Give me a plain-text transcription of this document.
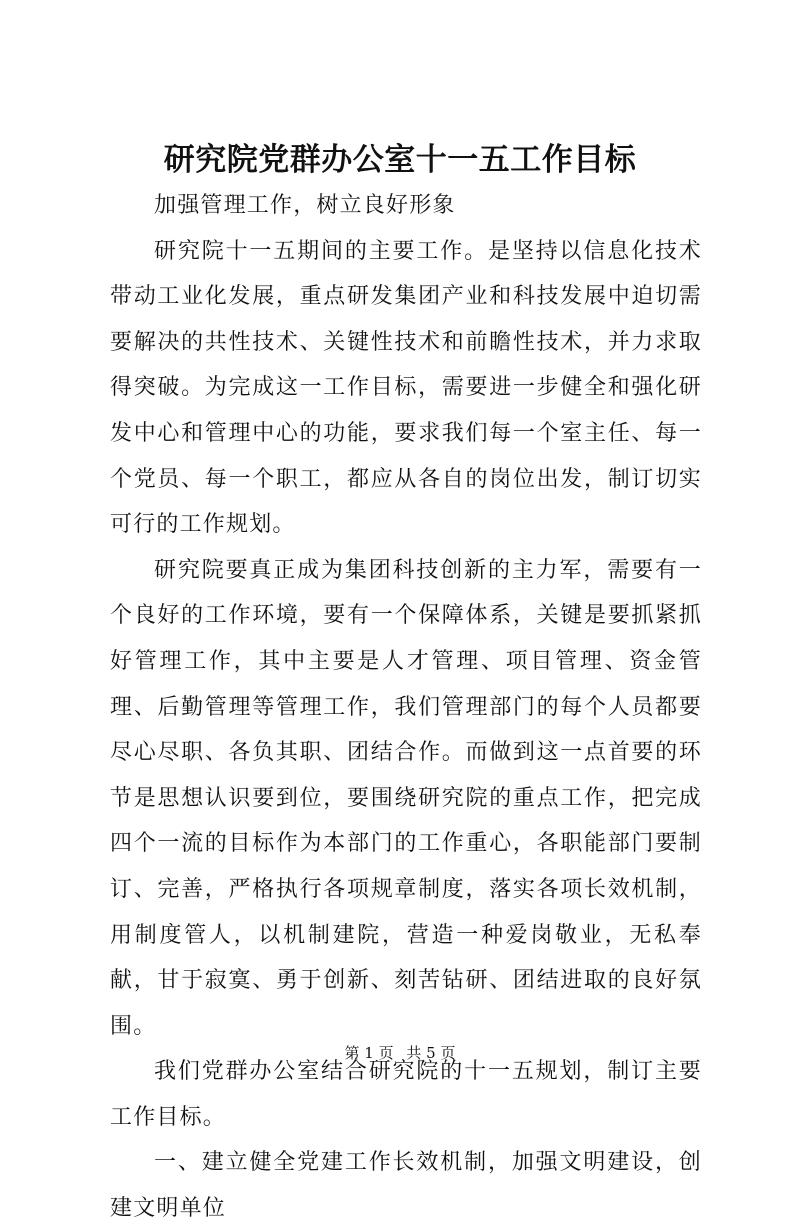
研究院党群办公室十一五工作目标

加强管理工作，树立良好形象

研究院十一五期间的主要工作。是坚持以信息化技术带动工业化发展，重点研发集团产业和科技发展中迫切需要解决的共性技术、关键性技术和前瞻性技术，并力求取得突破。为完成这一工作目标，需要进一步健全和强化研发中心和管理中心的功能，要求我们每一个室主任、每一个党员、每一个职工，都应从各自的岗位出发，制订切实可行的工作规划。

研究院要真正成为集团科技创新的主力军，需要有一个良好的工作环境，要有一个保障体系，关键是要抓紧抓好管理工作，其中主要是人才管理、项目管理、资金管理、后勤管理等管理工作，我们管理部门的每个人员都要尽心尽职、各负其职、团结合作。而做到这一点首要的环节是思想认识要到位，要围绕研究院的重点工作，把完成四个一流的目标作为本部门的工作重心，各职能部门要制订、完善，严格执行各项规章制度，落实各项长效机制，用制度管人，以机制建院，营造一种爱岗敬业，无私奉献，甘于寂寞、勇于创新、刻苦钻研、团结进取的良好氛围。

我们党群办公室结合研究院的十一五规划，制订主要工作目标。

一、建立健全党建工作长效机制，加强文明建设，创建文明单位

第 1 页 共 5 页
